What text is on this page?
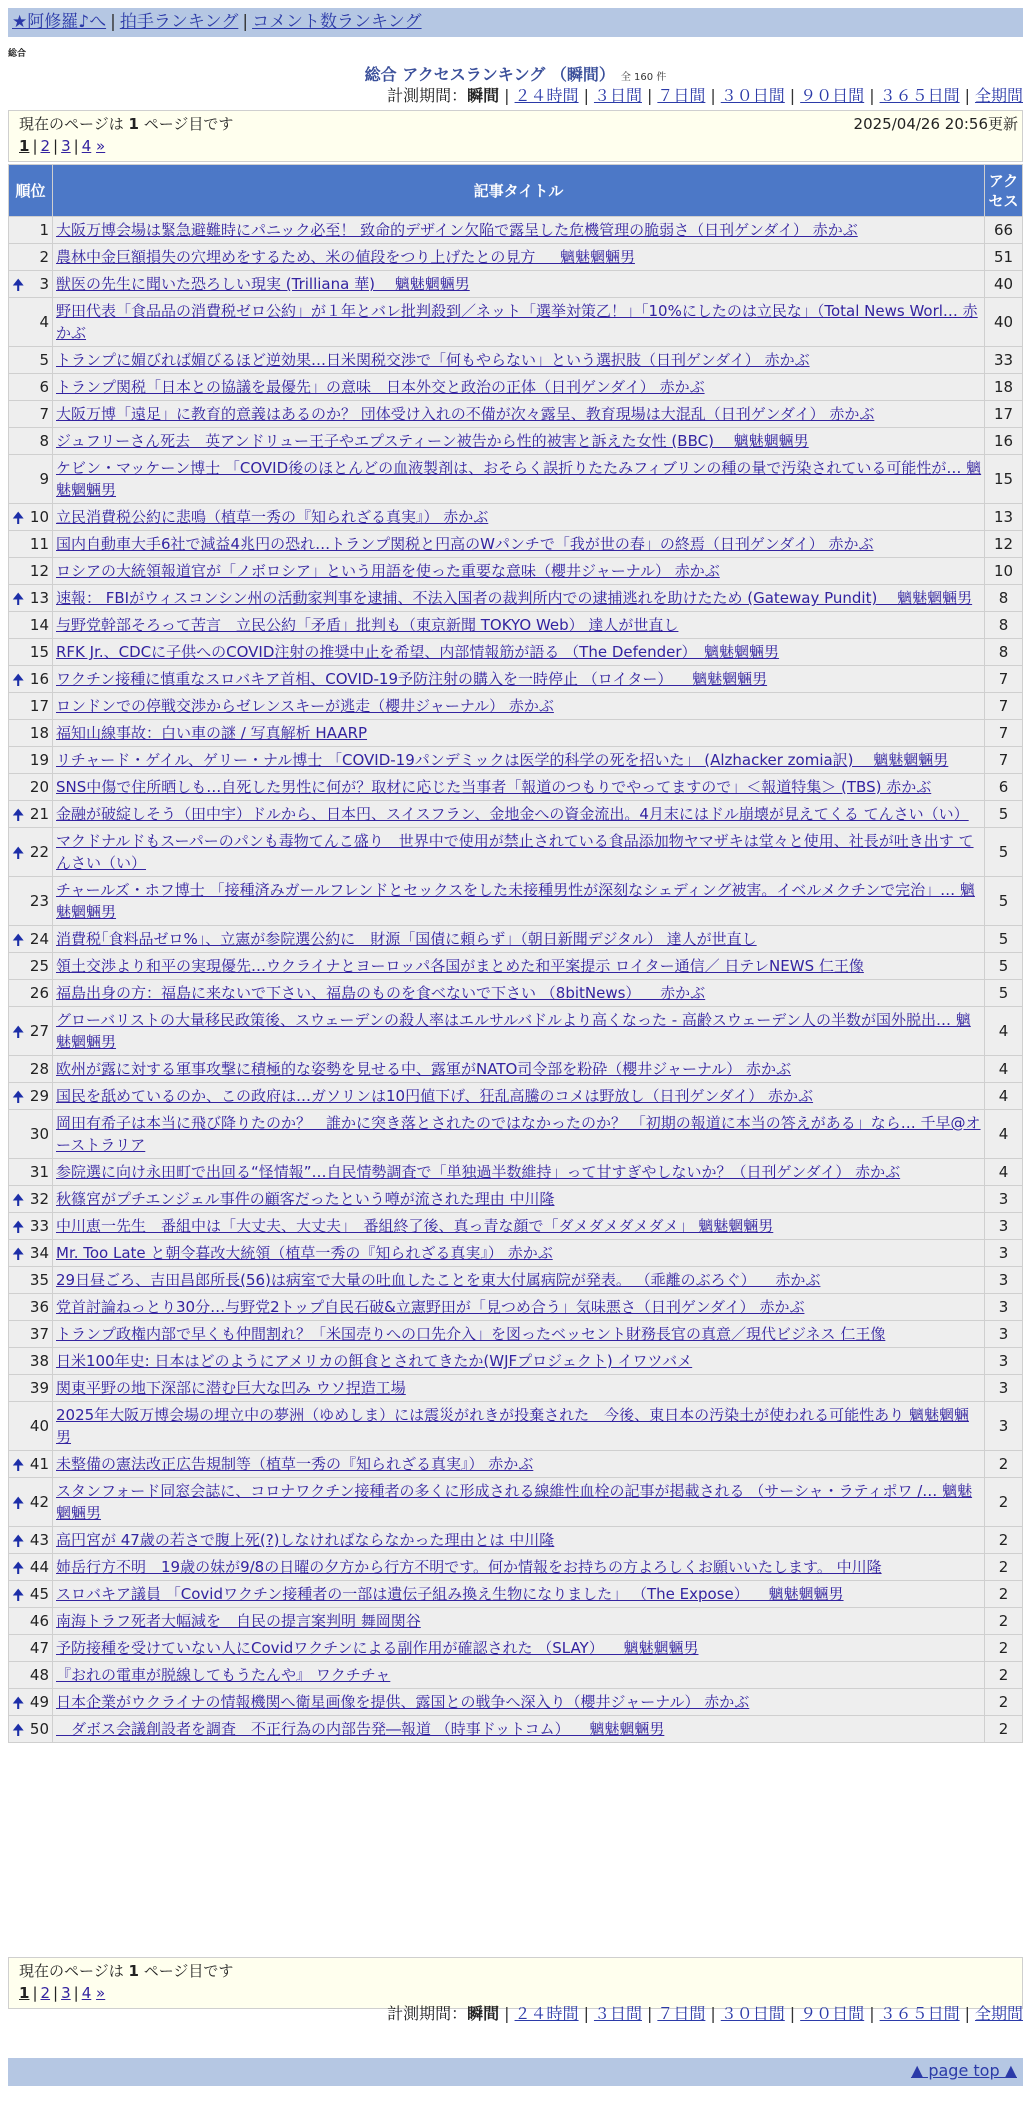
★阿修羅♪へ | 拍手ランキング | コメント数ランキング
総合
総合 アクセスランキング （瞬間） 全 160 件
計測期間：瞬間 | ２４時間 | ３日間 | ７日間 | ３０日間 | ９０日間 | ３６５日間 | 全期間
現在のページは 1 ページ目です	2025/04/26 20:56更新
1 | 2 | 3 | 4 »
順位	記事タイトル	アクセス
1	大阪万博会場は緊急避難時にパニック必至！ 致命的デザイン欠陥で露呈した危機管理の脆弱さ（日刊ゲンダイ） 赤かぶ	66
2	農林中金巨額損失の穴埋めをするため、米の値段をつり上げたとの見方 　 魑魅魍魎男	51

🠉 3	獣医の先生に聞いた恐ろしい現実 (Trilliana 華) 　魑魅魍魎男	40
4	野田代表「食品品の消費税ゼロ公約」が１年とバレ批判殺到／ネット「選挙対策乙！」「10%にしたのは立民な」（Total News Worl… 赤かぶ	40
5	トランプに媚びれば媚びるほど逆効果…日米関税交渉で「何もやらない」という選択肢（日刊ゲンダイ） 赤かぶ	33
6	トランプ関税「日本との協議を最優先」の意味　日本外交と政治の正体（日刊ゲンダイ） 赤かぶ	18
7	大阪万博「遠足」に教育的意義はあるのか？ 団体受け入れの不備が次々露呈、教育現場は大混乱（日刊ゲンダイ） 赤かぶ	17
8	ジュフリーさん死去　英アンドリュー王子やエプスティーン被告から性的被害と訴えた女性 (BBC) 　魑魅魍魎男	16
9	ケビン・マッケーン博士 「COVID後のほとんどの血液製剤は、おそらく誤折りたたみフィブリンの種の量で汚染されている可能性が… 魑魅魍魎男	15

🠉 10	立民消費税公約に悲鳴（植草一秀の『知られざる真実』） 赤かぶ	13
11	国内自動車大手6社で減益4兆円の恐れ…トランプ関税と円高のWパンチで「我が世の春」の終焉（日刊ゲンダイ） 赤かぶ	12
12	ロシアの大統領報道官が「ノボロシア」という用語を使った重要な意味（櫻井ジャーナル） 赤かぶ	10

🠉 13	速報： FBIがウィスコンシン州の活動家判事を逮捕、不法入国者の裁判所内での逮捕逃れを助けたため (Gateway Pundit) 　魑魅魍魎男	8
14	与野党幹部そろって苦言　立民公約「矛盾」批判も（東京新聞 TOKYO Web） 達人が世直し	8
15	RFK Jr.、CDCに子供へのCOVID注射の推奨中止を希望、内部情報筋が語る （The Defender）　魑魅魍魎男	8

🠉 16	ワクチン接種に慎重なスロバキア首相、COVID-19予防注射の購入を一時停止 （ロイター） 　魑魅魍魎男	7
17	ロンドンでの停戦交渉からゼレンスキーが逃走（櫻井ジャーナル） 赤かぶ	7
18	福知山線事故：白い車の謎 / 写真解析 HAARP	7
19	リチャード・ゲイル、ゲリー・ナル博士 「COVID-19パンデミックは医学的科学の死を招いた」 (Alzhacker zomia訳) 　魑魅魍魎男	7
20	SNS中傷で住所晒しも…自死した男性に何が？取材に応じた当事者「報道のつもりでやってますので」＜報道特集＞ (TBS) 赤かぶ	6

🠉 21	金融が破綻しそう（田中宇）ドルから、日本円、スイスフラン、金地金への資金流出。4月末にはドル崩壊が見えてくる てんさい（い）	5

🠉 22	マクドナルドもスーパーのパンも毒物てんこ盛り　世界中で使用が禁止されている食品添加物ヤマザキは堂々と使用、社長が吐き出す てんさい（い）	5
23	チャールズ・ホフ博士 「接種済みガールフレンドとセックスをした未接種男性が深刻なシェディング被害。イベルメクチンで完治」… 魑魅魍魎男	5

🠉 24	消費税｢食料品ゼロ%｣、立憲が参院選公約に　財源「国債に頼らず」（朝日新聞デジタル） 達人が世直し	5
25	領土交渉より和平の実現優先…ウクライナとヨーロッパ各国がまとめた和平案提示 ロイター通信／ 日テレNEWS 仁王像	5
26	福島出身の方：福島に来ないで下さい、福島のものを食べないで下さい （8bitNews） 　赤かぶ	5

🠉 27	グローバリストの大量移民政策後、スウェーデンの殺人率はエルサルバドルより高くなった - 高齢スウェーデン人の半数が国外脱出… 魑魅魍魎男	4
28	欧州が露に対する軍事攻撃に積極的な姿勢を見せる中、露軍がNATO司令部を粉砕（櫻井ジャーナル） 赤かぶ	4

🠉 29	国民を舐めているのか、この政府は…ガソリンは10円値下げ、狂乱高騰のコメは野放し（日刊ゲンダイ） 赤かぶ	4
30	岡田有希子は本当に飛び降りたのか？　誰かに突き落とされたのではなかったのか？ 「初期の報道に本当の答えがある」なら… 千早@オーストラリア	4
31	参院選に向け永田町で出回る“怪情報”…自民情勢調査で「単独過半数維持」って甘すぎやしないか？（日刊ゲンダイ） 赤かぶ	4

🠉 32	秋篠宮がプチエンジェル事件の顧客だったという噂が流された理由 中川隆	3

🠉 33	中川恵一先生　番組中は「大丈夫、大丈夫」　番組終了後、真っ青な顔で「ダメダメダメダメ」 魑魅魍魎男	3

🠉 34	Mr. Too Late と朝令暮改大統領（植草一秀の『知られざる真実』） 赤かぶ	3
35	29日昼ごろ、吉田昌郎所長(56)は病室で大量の吐血したことを東大付属病院が発表。 （乖離のぶろぐ） 　赤かぶ	3
36	党首討論ねっとり30分…与野党2トップ自民石破&立憲野田が「見つめ合う」気味悪さ（日刊ゲンダイ） 赤かぶ	3
37	トランプ政権内部で早くも仲間割れ？「米国売りへの口先介入」を図ったベッセント財務長官の真意／現代ビジネス 仁王像	3
38	日米100年史: 日本はどのようにアメリカの餌食とされてきたか(WJFプロジェクト) イワツバメ	3
39	関東平野の地下深部に潜む巨大な凹み ウソ捏造工場	3
40	2025年大阪万博会場の埋立中の夢洲（ゆめしま）には震災がれきが投棄された　今後、東日本の汚染土が使われる可能性あり 魑魅魍魎男	3

🠉 41	未整備の憲法改正広告規制等（植草一秀の『知られざる真実』） 赤かぶ	2

🠉 42	スタンフォード同窓会誌に、コロナワクチン接種者の多くに形成される線維性血栓の記事が掲載される （サーシャ・ラティポワ /… 魑魅魍魎男	2

🠉 43	高円宮が 47歳の若さで腹上死(?)しなければならなかった理由とは 中川隆	2

🠉 44	姉岳行方不明　19歳の妹が9/8の日曜の夕方から行方不明です。何か情報をお持ちの方よろしくお願いいたします。 中川隆	2

🠉 45	スロバキア議員 「Covidワクチン接種者の一部は遺伝子組み換え生物になりました」 （The Expose） 　魑魅魍魎男	2
46	南海トラフ死者大幅減を　自民の提言案判明 舞岡関谷	2
47	予防接種を受けていない人にCovidワクチンによる副作用が確認された （SLAY） 　魑魅魍魎男	2
48	『おれの電車が脱線してもうたんや』 ワクチチャ	2

🠉 49	日本企業がウクライナの情報機関へ衛星画像を提供、露国との戦争へ深入り（櫻井ジャーナル） 赤かぶ	2

🠉 50	　ダボス会議創設者を調査　不正行為の内部告発―報道 （時事ドットコム） 　魑魅魍魎男	2
現在のページは 1 ページ目です
1 | 2 | 3 | 4 »
計測期間：瞬間 | ２４時間 | ３日間 | ７日間 | ３０日間 | ９０日間 | ３６５日間 | 全期間
▲ page top ▲
